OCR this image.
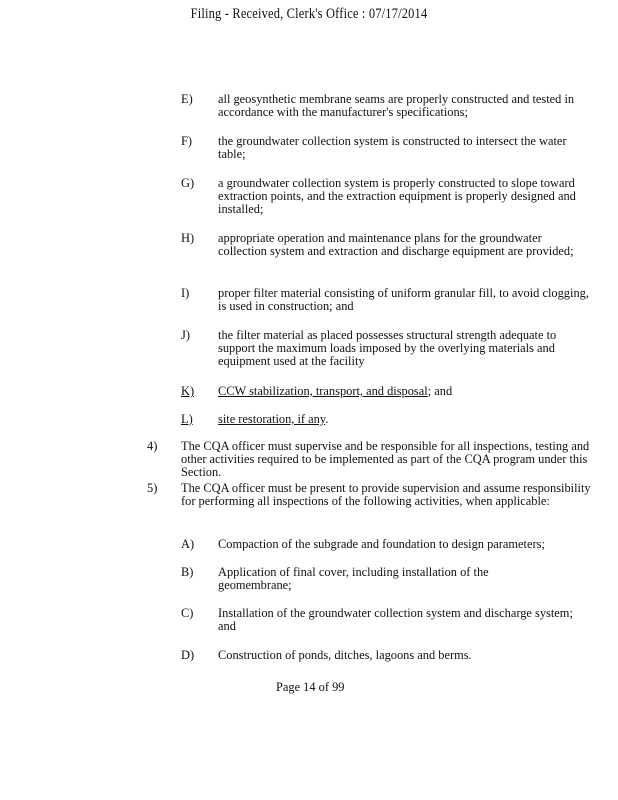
Filing - Received, Clerk's Office : 07/17/2014
E) all geosynthetic membrane seams are properly constructed and tested in accordance with the manufacturer's specifications;
F) the groundwater collection system is constructed to intersect the water table;
G) a groundwater collection system is properly constructed to slope toward extraction points, and the extraction equipment is properly designed and installed;
H) appropriate operation and maintenance plans for the groundwater collection system and extraction and discharge equipment are provided;
I) proper filter material consisting of uniform granular fill, to avoid clogging, is used in construction; and
J) the filter material as placed possesses structural strength adequate to support the maximum loads imposed by the overlying materials and equipment used at the facility
K) CCW stabilization, transport, and disposal; and
L) site restoration, if any.
4) The CQA officer must supervise and be responsible for all inspections, testing and other activities required to be implemented as part of the CQA program under this Section.
5) The CQA officer must be present to provide supervision and assume responsibility for performing all inspections of the following activities, when applicable:
A) Compaction of the subgrade and foundation to design parameters;
B) Application of final cover, including installation of the geomembrane;
C) Installation of the groundwater collection system and discharge system; and
D) Construction of ponds, ditches, lagoons and berms.
Page 14 of 99
